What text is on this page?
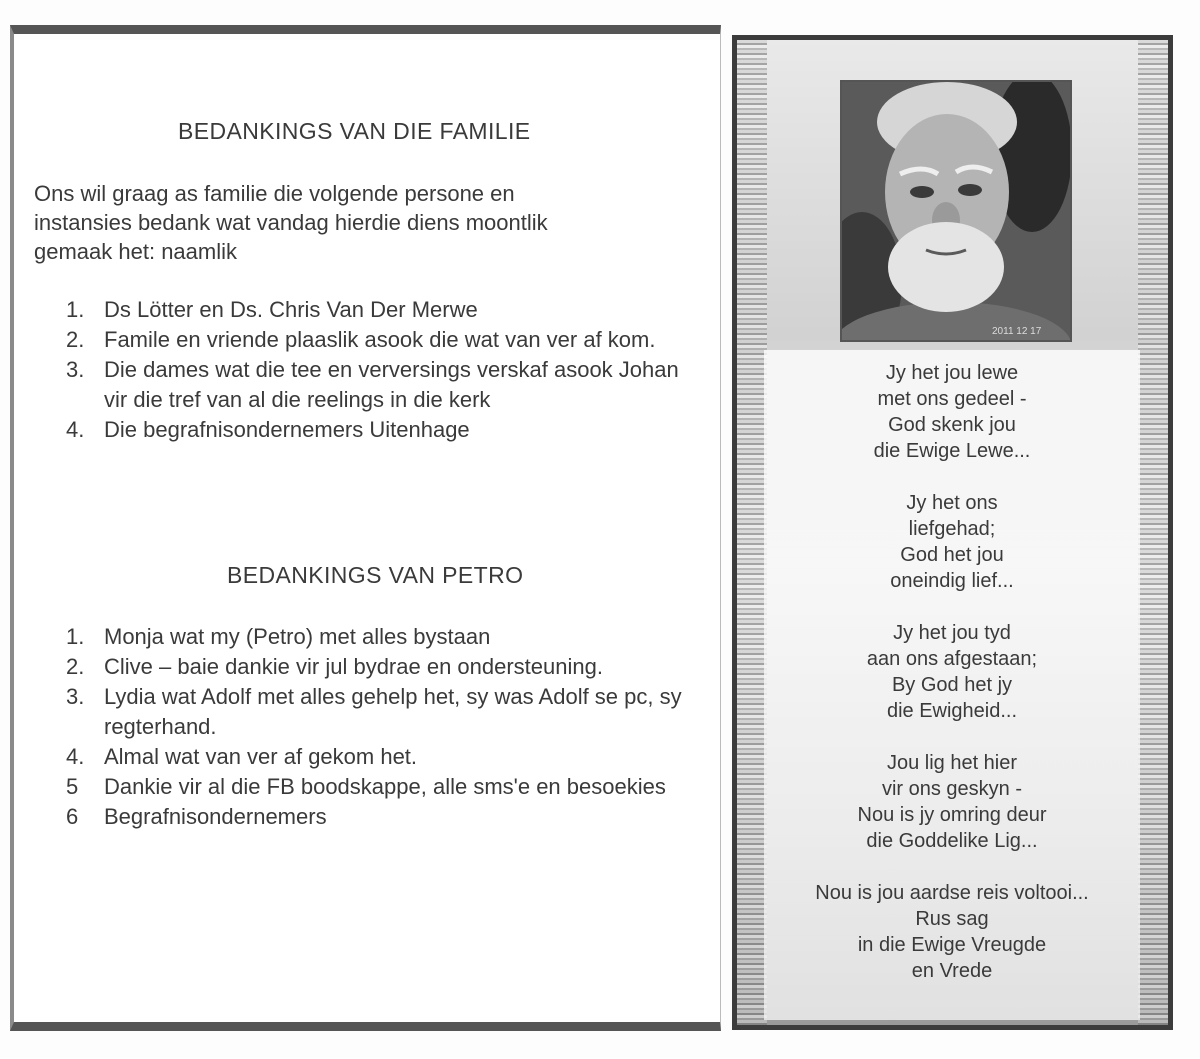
BEDANKINGS VAN DIE FAMILIE
Ons wil graag as familie die volgende persone en
instansies bedank wat vandag hierdie diens moontlik
gemaak het: naamlik
1. Ds Lötter en Ds. Chris Van Der Merwe
2. Famile en vriende plaaslik asook die wat van ver af kom.
3. Die dames wat die tee en verversings verskaf asook Johan vir die tref van al die reelings in die kerk
4. Die begrafnisondernemers Uitenhage
BEDANKINGS VAN PETRO
1. Monja wat my (Petro) met alles bystaan
2. Clive – baie dankie vir jul bydrae en ondersteuning.
3. Lydia wat Adolf met alles gehelp het, sy was Adolf se pc, sy regterhand.
4. Almal wat van ver af gekom het.
5 Dankie vir al die FB boodskappe, alle sms'e en besoekies
6 Begrafnisondernemers
2011 12 17
Jy het jou lewe
met ons gedeel -
God skenk jou
die Ewige Lewe...
Jy het ons
liefgehad;
God het jou
oneindig lief...
Jy het jou tyd
aan ons afgestaan;
By God het jy
die Ewigheid...
Jou lig het hier
vir ons geskyn -
Nou is jy omring deur
die Goddelike Lig...
Nou is jou aardse reis voltooi...
Rus sag
in die Ewige Vreugde
en Vrede
